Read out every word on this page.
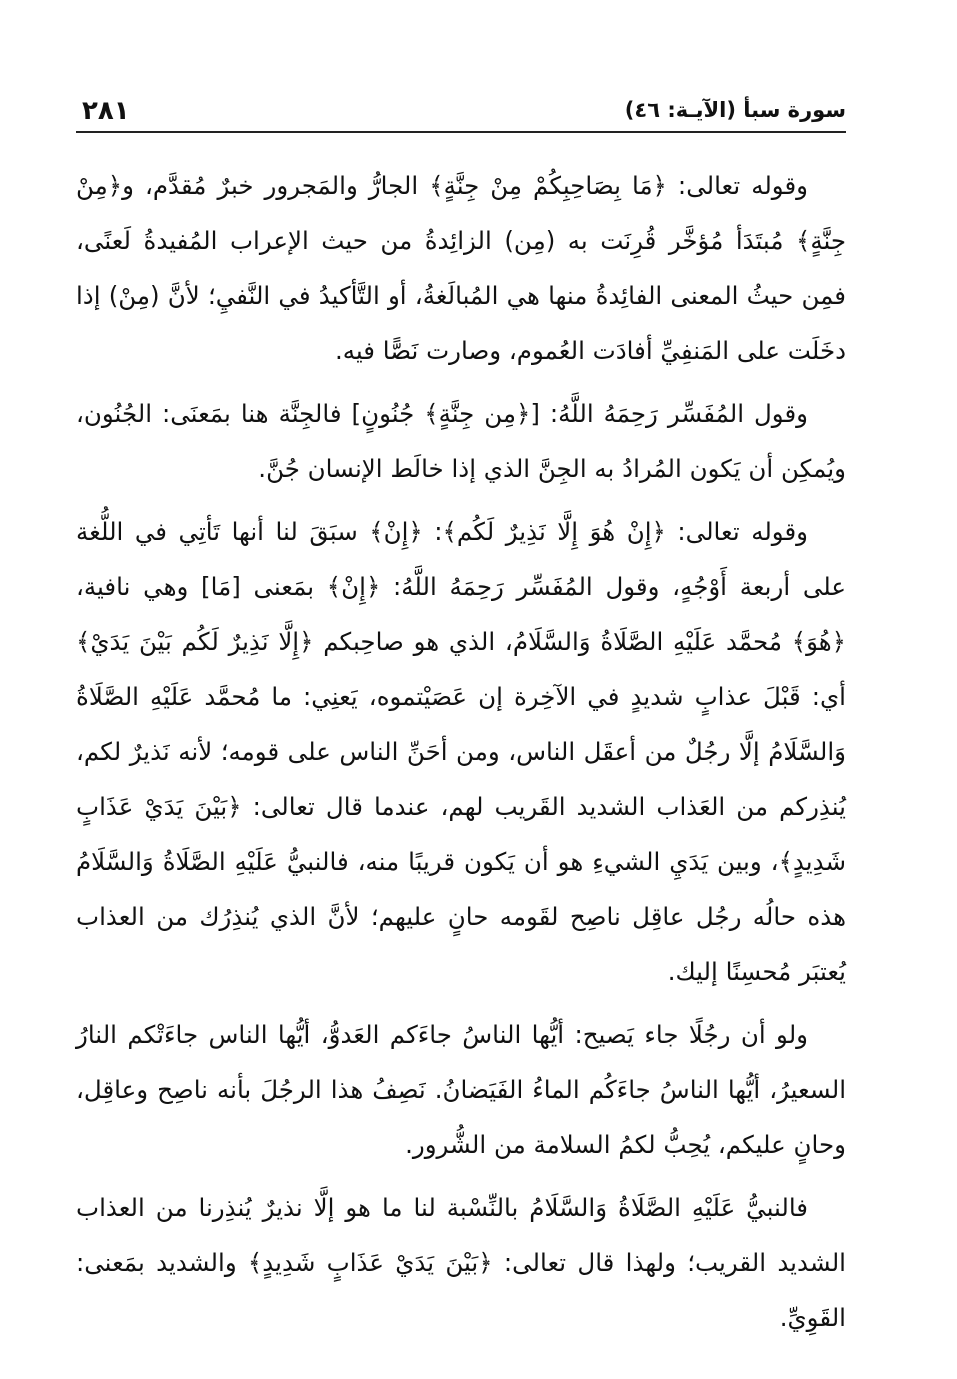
سورة سبأ (الآيـة: ٤٦)
٢٨١

وقوله تعالى: ﴿مَا بِصَاحِبِكُمْ مِنْ جِنَّةٍ﴾ الجارُّ والمَجرور خبرٌ مُقدَّم، و﴿مِنْ جِنَّةٍ﴾ مُبتَدَأ مُؤخَّر قُرِنَت به (مِن) الزائِدةُ من حيث الإعراب المُفيدةُ لَعنًى، فمِن حيثُ المعنى الفائِدةُ منها هي المُبالَغةُ، أو التَّأكيدُ في النَّفيِ؛ لأنَّ (مِنْ) إذا دخَلَت على المَنفِيِّ أفادَت العُموم، وصارت نَصًّا فيه.

وقول المُفَسِّر رَحِمَهُ اللَّهُ: [﴿مِن جِنَّةٍ﴾ جُنُونٍ] فالجِنَّة هنا بمَعنَى: الجُنُون، ويُمكِن أن يَكون المُرادُ به الجِنَّ الذي إذا خالَط الإنسان جُنَّ.

وقوله تعالى: ﴿إِنْ هُوَ إِلَّا نَذِيرٌ لَكُم﴾: ﴿إِنْ﴾ سبَقَ لنا أنها تَأتِي في اللُّغة على أربعة أَوْجُهٍ، وقول المُفَسِّر رَحِمَهُ اللَّهُ: ﴿إِنْ﴾ بمَعنى [مَا] وهي نافية، ﴿هُوَ﴾ مُحمَّد عَلَيْهِ الصَّلَاةُ وَالسَّلَامُ، الذي هو صاحِبكم ﴿إِلَّا نَذِيرٌ لَكُم بَيْنَ يَدَيْ﴾ أي: قَبْلَ عذابٍ شديدٍ في الآخِرة إن عَصَيْتموه، يَعنِي: ما مُحمَّد عَلَيْهِ الصَّلَاةُ وَالسَّلَامُ إلَّا رجُلٌ من أعقَل الناس، ومن أحَنِّ الناس على قومه؛ لأنه نَذيرٌ لكم، يُنذِركم من العَذاب الشديد القَريب لهم، عندما قال تعالى: ﴿بَيْنَ يَدَيْ عَذَابٍ شَدِيدٍ﴾، وبين يَدَيِ الشيءِ هو أن يَكون قريبًا منه، فالنبيُّ عَلَيْهِ الصَّلَاةُ وَالسَّلَامُ هذه حالُه رجُل عاقِل ناصِح لقَومه حانٍ عليهم؛ لأنَّ الذي يُنذِرُك من العذاب يُعتبَر مُحسِنًا إليك.

ولو أن رجُلًا جاء يَصيح: أيُّها الناسُ جاءَكم العَدوُّ، أيُّها الناس جاءَتْكم النارُ السعيرُ، أيُّها الناسُ جاءَكُم الماءُ الفَيَضانُ. نَصِفُ هذا الرجُلَ بأنه ناصِح وعاقِل، وحانٍ عليكم، يُحِبُّ لكمُ السلامة من الشُّرور.

فالنبيُّ عَلَيْهِ الصَّلَاةُ وَالسَّلَامُ بالنِّسْبة لنا ما هو إلَّا نذيرٌ يُنذِرنا من العذاب الشديد القريب؛ ولهذا قال تعالى: ﴿بَيْنَ يَدَيْ عَذَابٍ شَدِيدٍ﴾ والشديد بمَعنى: القَوِيِّ.
